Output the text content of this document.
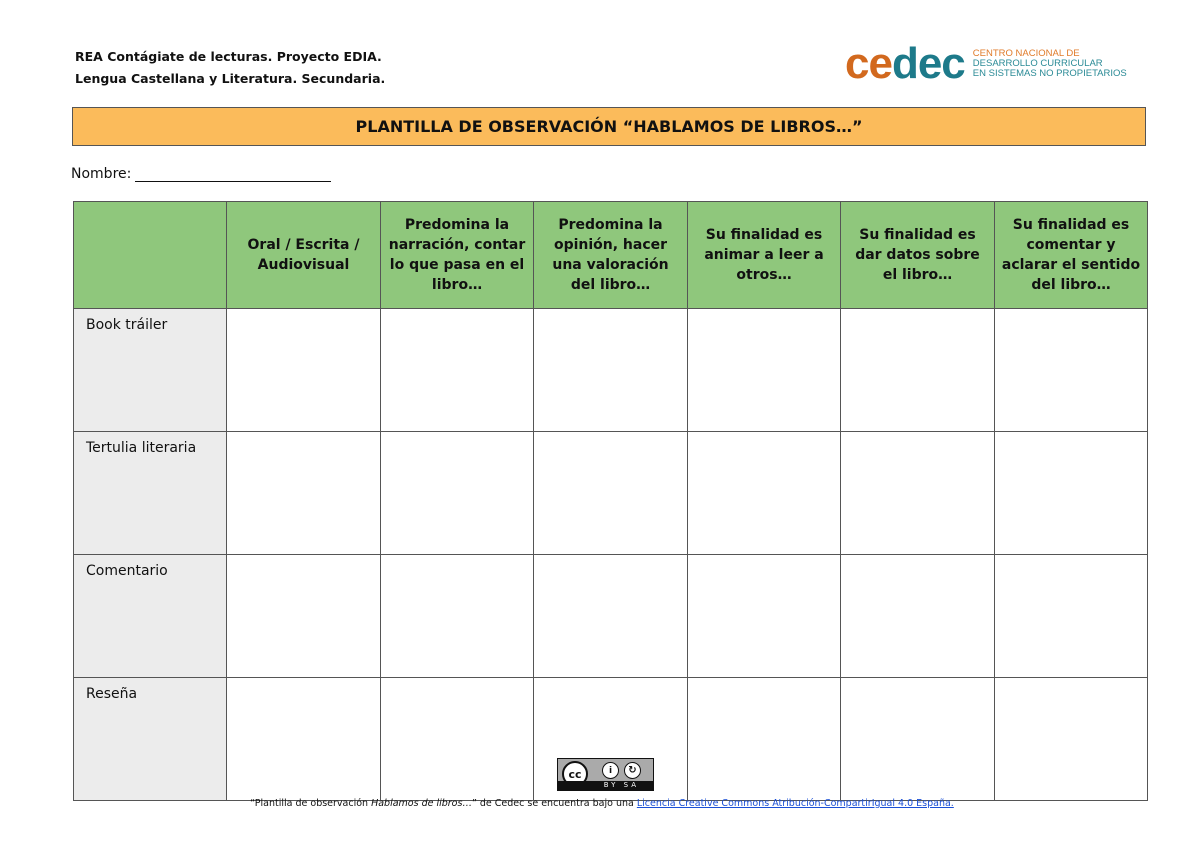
REA Contágiate de lecturas. Proyecto EDIA.
Lengua Castellana y Literatura. Secundaria.	cedec CENTRO NACIONAL DE
DESARROLLO CURRICULAR
EN SISTEMAS NO PROPIETARIOS
PLANTILLA DE OBSERVACIÓN “HABLAMOS DE LIBROS…”
Nombre:
	Oral / Escrita / Audiovisual	Predomina la narración, contar lo que pasa en el libro…	Predomina la opinión, hacer una valoración del libro…	Su finalidad es animar a leer a otros…	Su finalidad es dar datos sobre el libro…	Su finalidad es comentar y aclarar el sentido del libro…
Book tráiler						
Tertulia literaria						
Comentario						
Reseña						
cc	i	↻
BY SA
“Plantilla de observación Hablamos de libros…” de Cedec se encuentra bajo una Licencia Creative Commons Atribución-CompartirIgual 4.0 España.
